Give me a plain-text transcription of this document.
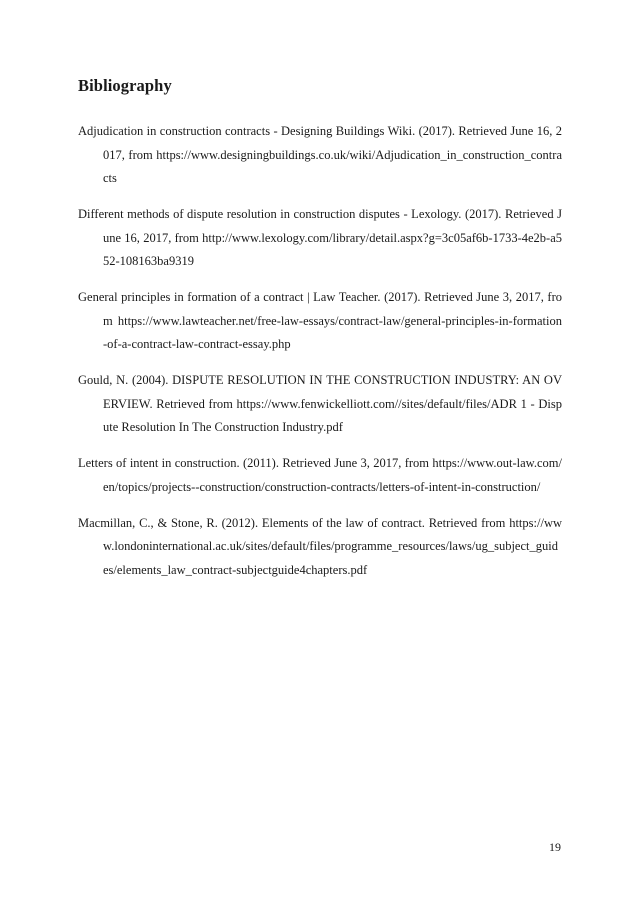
Bibliography

Adjudication in construction contracts - Designing Buildings Wiki. (2017). Retrieved June 16, 2017, from https://www.designingbuildings.co.uk/wiki/Adjudication_in_construction_contracts

Different methods of dispute resolution in construction disputes - Lexology. (2017). Retrieved June 16, 2017, from http://www.lexology.com/library/detail.aspx?g=3c05af6b-1733-4e2b-a552-108163ba9319

General principles in formation of a contract | Law Teacher. (2017). Retrieved June 3, 2017, from https://www.lawteacher.net/free-law-essays/contract-law/general-principles-in-formation-of-a-contract-law-contract-essay.php

Gould, N. (2004). DISPUTE RESOLUTION IN THE CONSTRUCTION INDUSTRY: AN OVERVIEW. Retrieved from https://www.fenwickelliott.com//sites/default/files/ADR 1 - Dispute Resolution In The Construction Industry.pdf

Letters of intent in construction. (2011). Retrieved June 3, 2017, from https://www.out-law.com/en/topics/projects--construction/construction-contracts/letters-of-intent-in-construction/

Macmillan, C., & Stone, R. (2012). Elements of the law of contract. Retrieved from https://www.londoninternational.ac.uk/sites/default/files/programme_resources/laws/ug_subject_guides/elements_law_contract-subjectguide4chapters.pdf

19
